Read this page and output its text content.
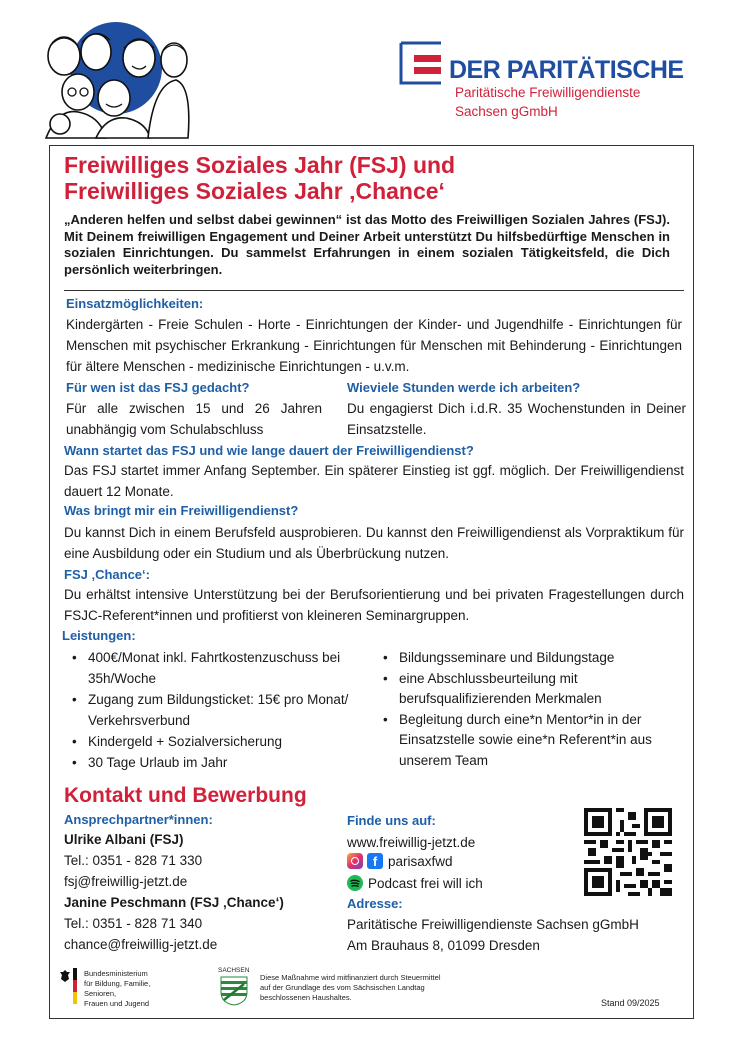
DER PARITÄTISCHE
Paritätische Freiwilligendienste
Sachsen gGmbH
Freiwilliges Soziales Jahr (FSJ) und
Freiwilliges Soziales Jahr ‚Chance‘
„Anderen helfen und selbst dabei gewinnen“ ist das Motto des Freiwilligen Sozialen Jahres (FSJ). Mit Deinem freiwilligen Engagement und Deiner Arbeit unterstützt Du hilfsbedürftige Menschen in sozialen Einrichtungen. Du sammelst Erfahrungen in einem sozialen Tätigkeitsfeld, die Dich persönlich weiterbringen.
Einsatzmöglichkeiten:
Kindergärten - Freie Schulen - Horte - Einrichtungen der Kinder- und Jugendhilfe - Einrichtungen für Menschen mit psychischer Erkrankung - Einrichtungen für Menschen mit Behinderung - Einrichtungen für ältere Menschen - medizinische Einrichtungen - u.v.m.
Für wen ist das FSJ gedacht?
Für alle zwischen 15 und 26 Jahren unabhängig vom Schulabschluss
Wieviele Stunden werde ich arbeiten?
Du engagierst Dich i.d.R. 35 Wochenstunden in Deiner Einsatzstelle.
Wann startet das FSJ und wie lange dauert der Freiwilligendienst?
Das FSJ startet immer Anfang September. Ein späterer Einstieg ist ggf. möglich. Der Freiwilligendienst dauert 12 Monate.
Was bringt mir ein Freiwilligendienst?
Du kannst Dich in einem Berufsfeld ausprobieren. Du kannst den Freiwilligendienst als Vorpraktikum für eine Ausbildung oder ein Studium und als Überbrückung nutzen.
FSJ ‚Chance‘:
Du erhältst intensive Unterstützung bei der Berufsorientierung und bei privaten Fragestellungen durch FSJC-Referent*innen und profitierst von kleineren Seminargruppen.
Leistungen:
• 400€/Monat inkl. Fahrtkostenzuschuss bei 35h/Woche
• Zugang zum Bildungsticket: 15€ pro Monat/ Verkehrsverbund
• Kindergeld + Sozialversicherung
• 30 Tage Urlaub im Jahr
• Bildungsseminare und Bildungstage
• eine Abschlussbeurteilung mit berufsqualifizierenden Merkmalen
• Begleitung durch eine*n Mentor*in in der Einsatzstelle sowie eine*n Referent*in aus unserem Team
Kontakt und Bewerbung
Ansprechpartner*innen:
Ulrike Albani (FSJ)
Tel.: 0351 - 828 71 330
fsj@freiwillig-jetzt.de
Janine Peschmann (FSJ ‚Chance‘)
Tel.: 0351 - 828 71 340
chance@freiwillig-jetzt.de
Finde uns auf:
www.freiwillig-jetzt.de
f parisaxfwd
Podcast frei will ich
Adresse:
Paritätische Freiwilligendienste Sachsen gGmbH
Am Brauhaus 8, 01099 Dresden
Bundesministerium
für Bildung, Familie, Senioren,
Frauen und Jugend
SACHSEN
Diese Maßnahme wird mitfinanziert durch Steuermittel
auf der Grundlage des vom Sächsischen Landtag
beschlossenen Haushaltes.
Stand 09/2025
